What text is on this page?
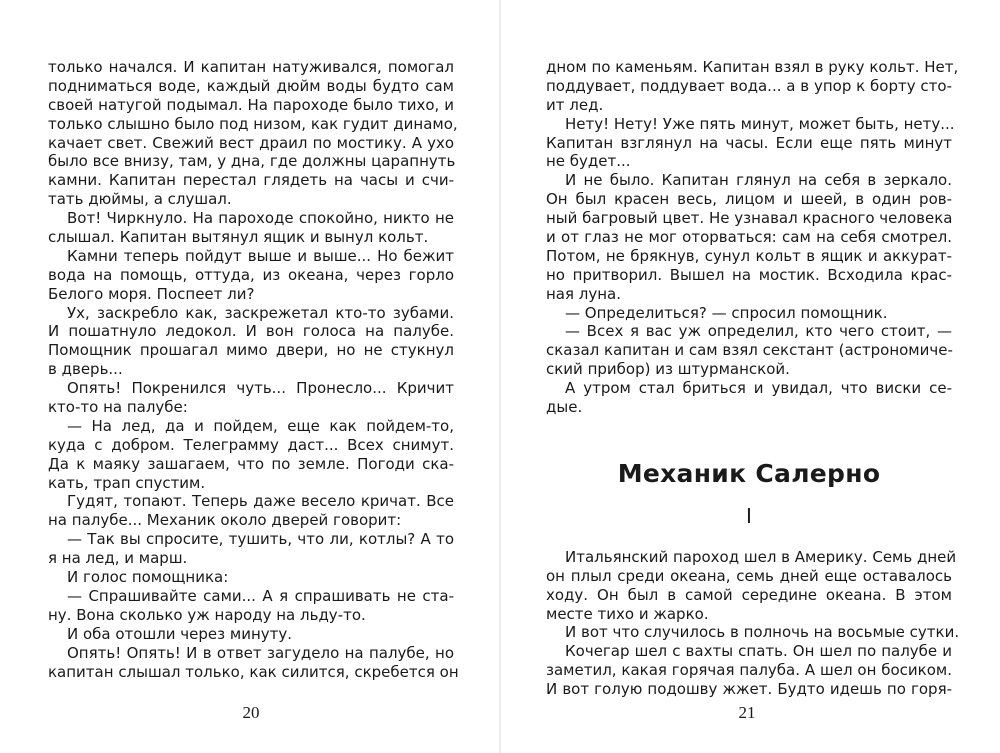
только начался. И капитан натуживался, помогал
подниматься воде, каждый дюйм воды будто сам
своей натугой подымал. На пароходе было тихо, и
только слышно было под низом, как гудит динамо,
качает свет. Свежий вест драил по мостику. А ухо
было все внизу, там, у дна, где должны царапнуть
камни. Капитан перестал глядеть на часы и счи-
тать дюймы, а слушал.
Вот! Чиркнуло. На пароходе спокойно, никто не
слышал. Капитан вытянул ящик и вынул кольт.
Камни теперь пойдут выше и выше... Но бежит
вода на помощь, оттуда, из океана, через горло
Белого моря. Поспеет ли?
Ух, заскребло как, заскрежетал кто-то зубами.
И пошатнуло ледокол. И вон голоса на палубе.
Помощник прошагал мимо двери, но не стукнул
в дверь...
Опять! Покренился чуть... Пронесло... Кричит
кто-то на палубе:
— На лед, да и пойдем, еще как пойдем-то,
куда с добром. Телеграмму даст... Всех снимут.
Да к маяку зашагаем, что по земле. Погоди ска-
кать, трап спустим.
Гудят, топают. Теперь даже весело кричат. Все
на палубе... Механик около дверей говорит:
— Так вы спросите, тушить, что ли, котлы? А то
я на лед, и марш.
И голос помощника:
— Спрашивайте сами... А я спрашивать не ста-
ну. Вона сколько уж народу на льду-то.
И оба отошли через минуту.
Опять! Опять! И в ответ загудело на палубе, но
капитан слышал только, как силится, скребется он
дном по каменьям. Капитан взял в руку кольт. Нет,
поддувает, поддувает вода... а в упор к борту сто-
ит лед.
Нету! Нету! Уже пять минут, может быть, нету...
Капитан взглянул на часы. Если еще пять минут
не будет...
И не было. Капитан глянул на себя в зеркало.
Он был красен весь, лицом и шеей, в один ров-
ный багровый цвет. Не узнавал красного человека
и от глаз не мог оторваться: сам на себя смотрел.
Потом, не брякнув, сунул кольт в ящик и аккурат-
но притворил. Вышел на мостик. Всходила крас-
ная луна.
— Определиться? — спросил помощник.
— Всех я вас уж определил, кто чего стоит, —
сказал капитан и сам взял секстант (астрономиче-
ский прибор) из штурманской.
А утром стал бриться и увидал, что виски се-
дые.
Механик Салерно
I
Итальянский пароход шел в Америку. Семь дней
он плыл среди океана, семь дней еще оставалось
ходу. Он был в самой середине океана. В этом
месте тихо и жарко.
И вот что случилось в полночь на восьмые сутки.
Кочегар шел с вахты спать. Он шел по палубе и
заметил, какая горячая палуба. А шел он босиком.
И вот голую подошву жжет. Будто идешь по горя-
20	21
